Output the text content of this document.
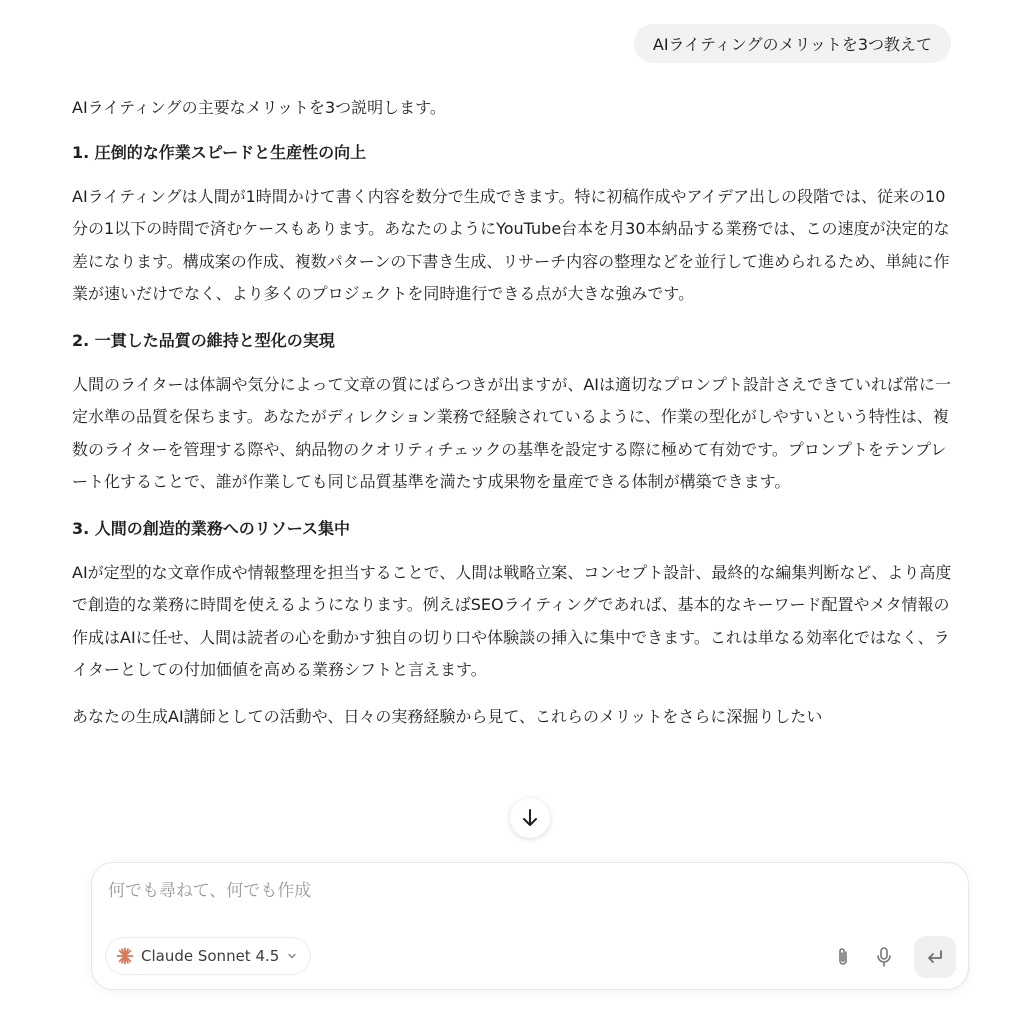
AIライティングのメリットを3つ教えて

AIライティングの主要なメリットを3つ説明します。

1. 圧倒的な作業スピードと生産性の向上

AIライティングは人間が1時間かけて書く内容を数分で生成できます。特に初稿作成やアイデア出しの段階では、従来の10分の1以下の時間で済むケースもあります。あなたのようにYouTube台本を月30本納品する業務では、この速度が決定的な差になります。構成案の作成、複数パターンの下書き生成、リサーチ内容の整理などを並行して進められるため、単純に作業が速いだけでなく、より多くのプロジェクトを同時進行できる点が大きな強みです。

2. 一貫した品質の維持と型化の実現

人間のライターは体調や気分によって文章の質にばらつきが出ますが、AIは適切なプロンプト設計さえできていれば常に一定水準の品質を保ちます。あなたがディレクション業務で経験されているように、作業の型化がしやすいという特性は、複数のライターを管理する際や、納品物のクオリティチェックの基準を設定する際に極めて有効です。プロンプトをテンプレート化することで、誰が作業しても同じ品質基準を満たす成果物を量産できる体制が構築できます。

3. 人間の創造的業務へのリソース集中

AIが定型的な文章作成や情報整理を担当することで、人間は戦略立案、コンセプト設計、最終的な編集判断など、より高度で創造的な業務に時間を使えるようになります。例えばSEOライティングであれば、基本的なキーワード配置やメタ情報の作成はAIに任せ、人間は読者の心を動かす独自の切り口や体験談の挿入に集中できます。これは単なる効率化ではなく、ライターとしての付加価値を高める業務シフトと言えます。

あなたの生成AI講師としての活動や、日々の実務経験から見て、これらのメリットをさらに深掘りしたい

何でも尋ねて、何でも作成
Claude Sonnet 4.5
